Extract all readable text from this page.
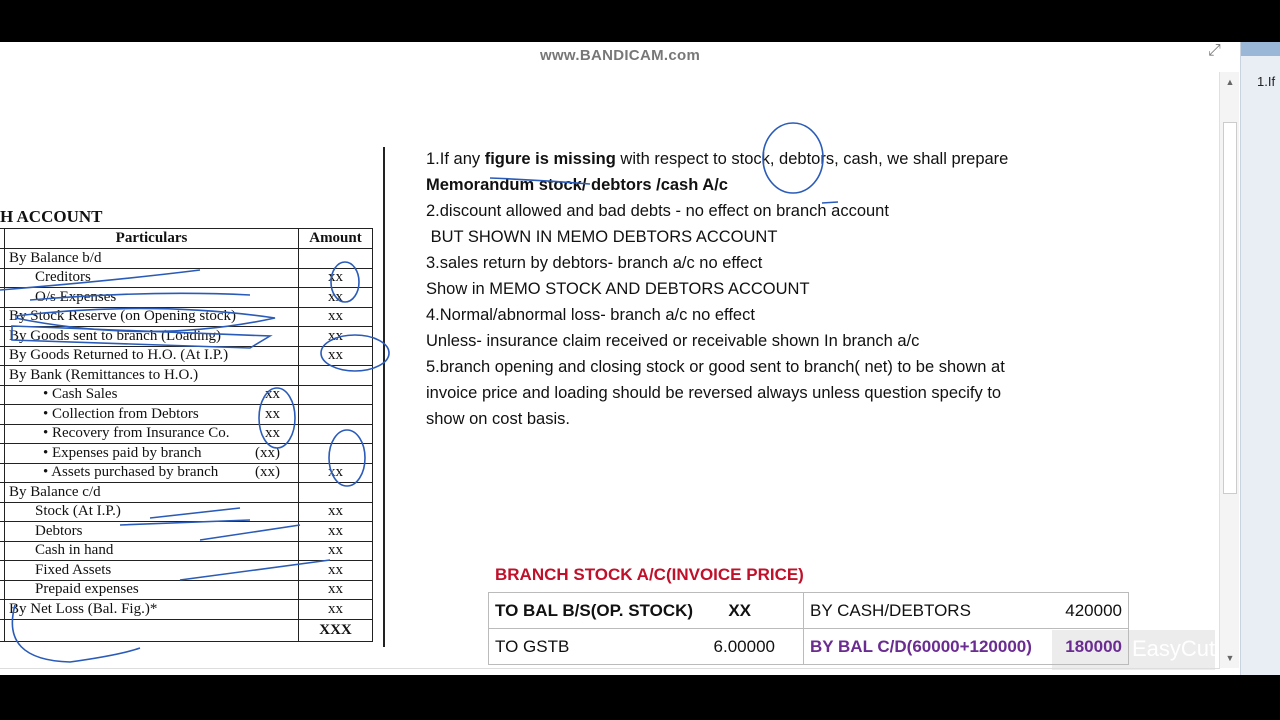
H ACCOUNT
	Particulars	Amount
	By Balance b/d	
	Creditors	xx
	O/s Expenses	xx
	By Stock Reserve (on Opening stock)	xx
	By Goods sent to branch (Loading)	xx
	By Goods Returned to H.O. (At I.P.)	xx
	By Bank (Remittances to H.O.)	
	• Cash Sales xx	

	• Collection from Debtors xx	

	• Recovery from Insurance Co. xx	

	• Expenses paid by branch (xx)	

	• Assets purchased by branch (xx)	xx
	By Balance c/d	
	Stock (At I.P.)	xx
	Debtors	xx
	Cash in hand	xx
	Fixed Assets	xx
	Prepaid expenses	xx
	By Net Loss (Bal. Fig.)*	xx
		XXX
1.If any figure is missing with respect to stock, debtors, cash, we shall prepare
Memorandum stock/ debtors /cash A/c
2.discount allowed and bad debts - no effect on branch account
BUT SHOWN IN MEMO DEBTORS ACCOUNT
3.sales return by debtors- branch a/c no effect
Show in MEMO STOCK AND DEBTORS ACCOUNT
4.Normal/abnormal loss- branch a/c no effect
Unless- insurance claim received or receivable shown In branch a/c
5.branch opening and closing stock or good sent to branch( net) to be shown at invoice price and loading should be reversed always unless question specify to show on cost basis.
BRANCH STOCK A/C(INVOICE PRICE)
EasyCut
TO BAL B/S(OP. STOCK) XX	BY CASH/DEBTORS 420000

TO GSTB 6.00000	BY BAL C/D(60000+120000) 180000
www.BANDICAM.com	⤢
▲
▼
1.If
